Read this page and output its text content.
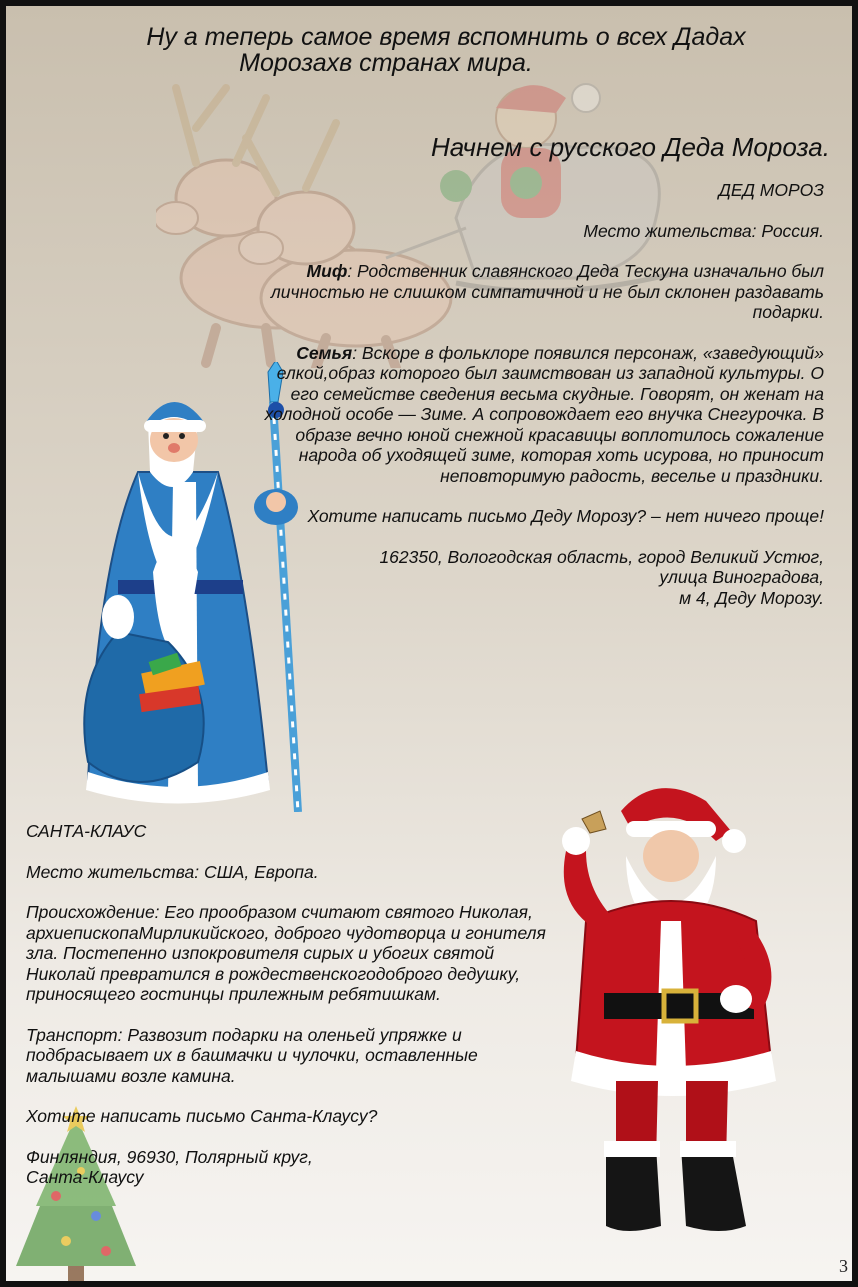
Ну а теперь самое время вспомнить о всех Дадах
Морозахв странах мира.
Начнем с русского Деда Мороза.

ДЕД МОРОЗ

Место жительства: Россия.

Миф: Родственник славянского Деда Тескуна изначально был личностью не слишком симпатичной и не был склонен раздавать подарки.

Семья: Вскоре в фольклоре появился персонаж, «заведующий» елкой,образ которого был заимствован из западной культуры. О его семействе сведения весьма скудные. Говорят, он женат на холодной особе — Зиме. А сопровождает его внучка Снегурочка. В образе вечно юной снежной красавицы воплотилось сожаление народа об уходящей зиме, которая хоть исурова, но приносит неповторимую радость, веселье и праздники.

Хотите написать письмо Деду Морозу? – нет ничего проще!

162350, Вологодская область, город Великий Устюг,
улица Виноградова,
м 4, Деду Морозу.

САНТА-КЛАУС

Место жительства: США, Европа.

Происхождение: Его прообразом считают святого Николая, архиепископаМирликийского, доброго чудотворца и гонителя зла. Постепенно изпокровителя сирых и убогих святой Николай превратился в рождественскогодоброго дедушку, приносящего гостинцы прилежным ребятишкам.

Транспорт: Развозит подарки на оленьей упряжке и подбрасывает их в башмачки и чулочки, оставленные малышами возле камина.

Хотите написать письмо Санта-Клаусу?

Финляндия, 96930, Полярный круг,
Санта-Клаусу

3
